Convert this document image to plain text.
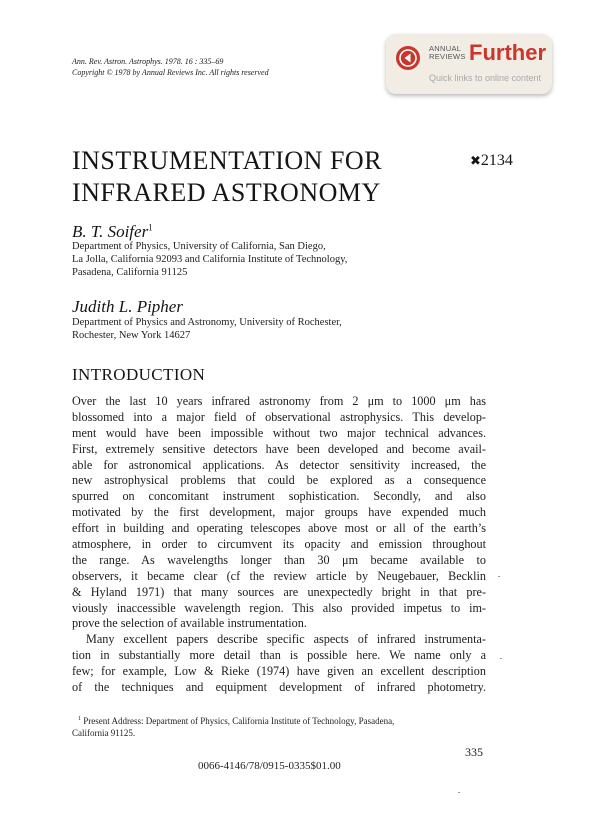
Ann. Rev. Astron. Astrophys. 1978. 16 : 335–69
Copyright © 1978 by Annual Reviews Inc. All rights reserved
ANNUAL
REVIEWS Further
Quick links to online content
INSTRUMENTATION FOR
INFRARED ASTRONOMY
✖2134
B. T. Soifer$^1$
Department of Physics, University of California, San Diego,
La Jolla, California 92093 and California Institute of Technology,
Pasadena, California 91125
Judith L. Pipher
Department of Physics and Astronomy, University of Rochester,
Rochester, New York 14627
INTRODUCTION
Over the last 10 years infrared astronomy from 2 μm to 1000 μm has
blossomed into a major field of observational astrophysics. This develop-
ment would have been impossible without two major technical advances.
First, extremely sensitive detectors have been developed and become avail-
able for astronomical applications. As detector sensitivity increased, the
new astrophysical problems that could be explored as a consequence
spurred on concomitant instrument sophistication. Secondly, and also
motivated by the first development, major groups have expended much
effort in building and operating telescopes above most or all of the earth’s
atmosphere, in order to circumvent its opacity and emission throughout
the range. As wavelengths longer than 30 μm became available to
observers, it became clear (cf the review article by Neugebauer, Becklin
& Hyland 1971) that many sources are unexpectedly bright in that pre-
viously inaccessible wavelength region. This also provided impetus to im-
prove the selection of available instrumentation.
Many excellent papers describe specific aspects of infrared instrumenta-
tion in substantially more detail than is possible here. We name only a
few; for example, Low & Rieke (1974) have given an excellent description
of the techniques and equipment development of infrared photometry.
$^1$ Present Address: Department of Physics, California Institute of Technology, Pasadena,
California 91125.
335
0066-4146/78/0915-0335$01.00
